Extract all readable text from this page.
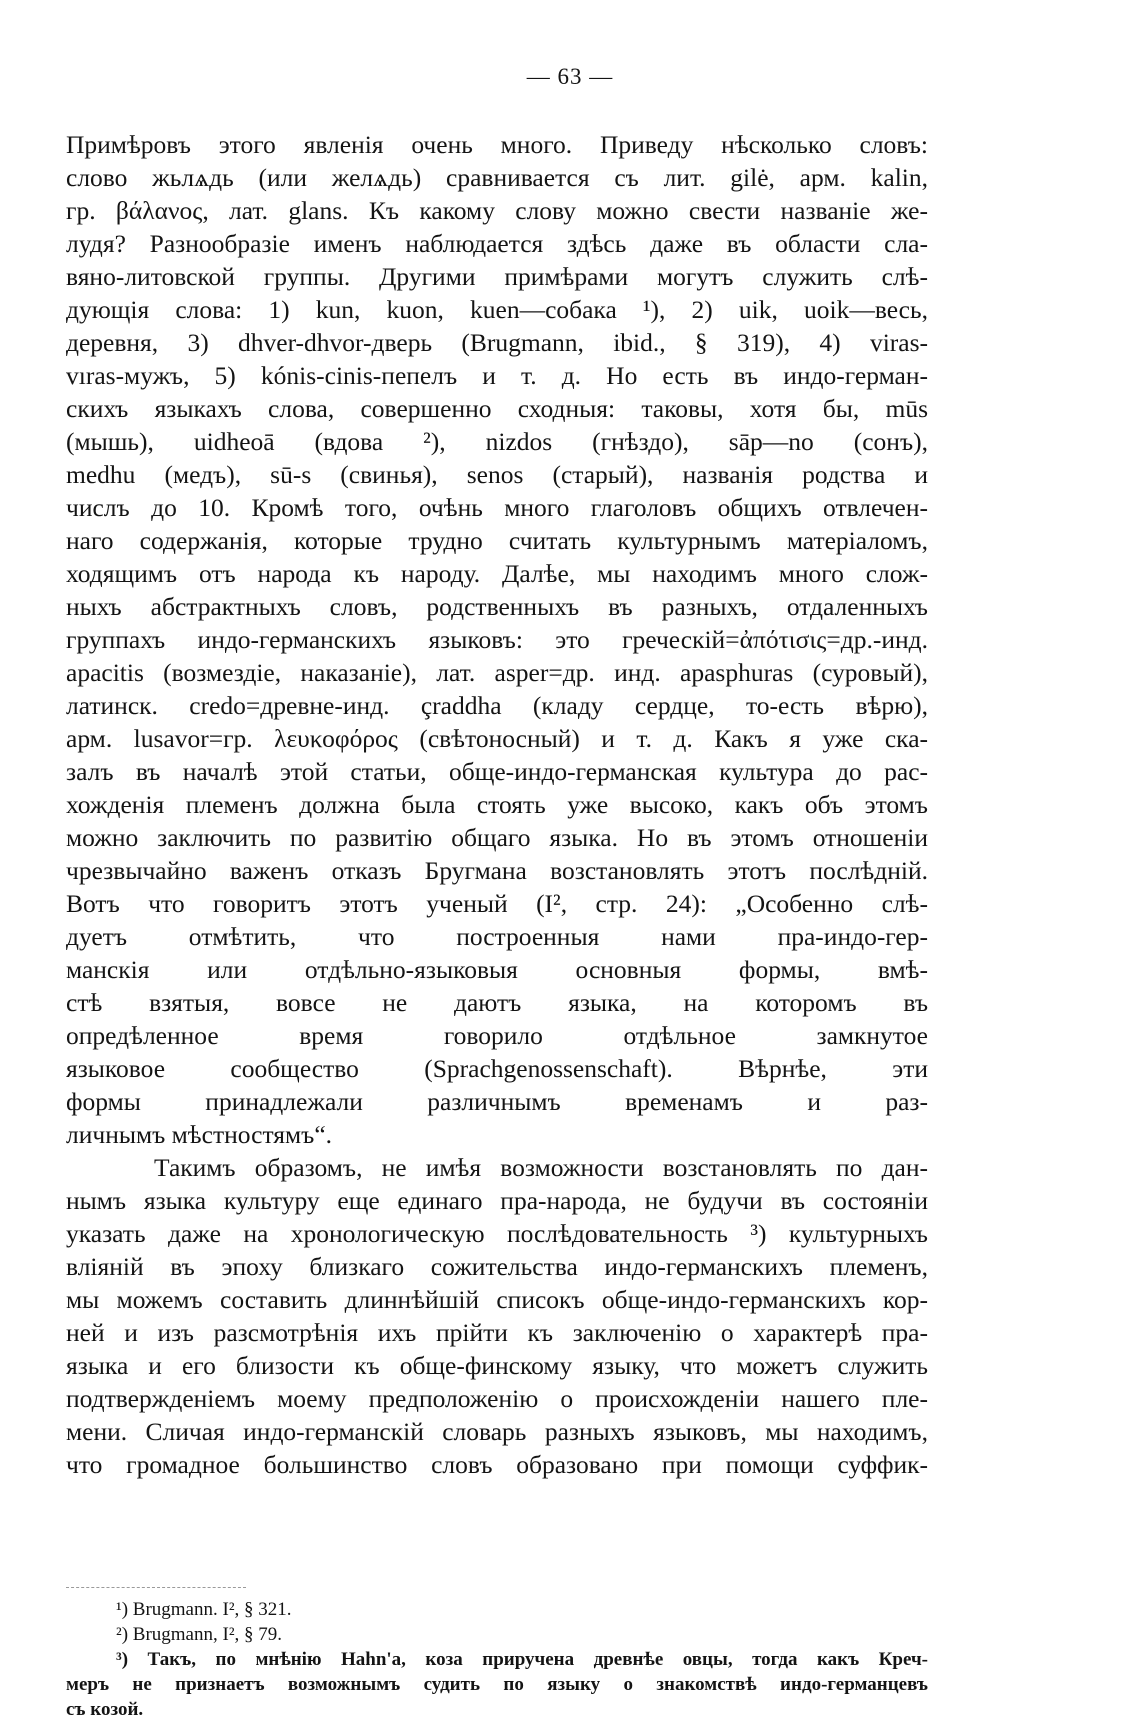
— 63 —
Примѣровъ этого явленія очень много. Приведу нѣсколько словъ:
слово жьлѧдь (или желѧдь) сравнивается съ лит. gilė, арм. kalin,
гр. βάλανος, лат. glans. Къ какому слову можно свести названіе же-
лудя? Разнообразіе именъ наблюдается здѣсь даже въ области сла-
вяно-литовской группы. Другими примѣрами могутъ служить слѣ-
дующія слова: 1) kun, kuon, kuen—собака ¹), 2) uik, uoik—весь,
деревня, 3) dhver-dhvor-дверь (Brugmann, ibid., § 319), 4) viras-
vıras-мужъ, 5) kónis-cinis-пепелъ и т. д. Но есть въ индо-герман-
скихъ языкахъ слова, совершенно сходныя: таковы, хотя бы, mūs
(мышь), uidheoā (вдова ²), nizdos (гнѣздо), sāp—no (сонъ),
medhu (медъ), sū-s (свинья), senos (старый), названія родства и
числъ до 10. Кромѣ того, очѣнь много глаголовъ общихъ отвлечен-
наго содержанія, которые трудно считать культурнымъ матеріаломъ,
ходящимъ отъ народа къ народу. Далѣе, мы находимъ много слож-
ныхъ абстрактныхъ словъ, родственныхъ въ разныхъ, отдаленныхъ
группахъ индо-германскихъ языковъ: это греческій=ἀπότισις=др.-инд.
apacitis (возмездіе, наказаніе), лат. asper=др. инд. apasphuras (суровый),
латинск. credo=древне-инд. çraddha (кладу сердце, то-есть вѣрю),
арм. lusavor=гр. λευκοφόρος (свѣтоносный) и т. д. Какъ я уже ска-
залъ въ началѣ этой статьи, обще-индо-германская культура до рас-
хожденія племенъ должна была стоять уже высоко, какъ объ этомъ
можно заключить по развитію общаго языка. Но въ этомъ отношеніи
чрезвычайно важенъ отказъ Бругмана возстановлять этотъ послѣдній.
Вотъ что говоритъ этотъ ученый (I², стр. 24): „Особенно слѣ-
дуетъ отмѣтить, что построенныя нами пра-индо-гер-
манскія или отдѣльно-языковыя основныя формы, вмѣ-
стѣ взятыя, вовсе не даютъ языка, на которомъ въ
опредѣленное время говорило отдѣльное замкнутое
языковое сообщество (Sprachgenossenschaft). Вѣрнѣе, эти
формы принадлежали различнымъ временамъ и раз-
личнымъ мѣстностямъ“.
Такимъ образомъ, не имѣя возможности возстановлять по дан-
нымъ языка культуру еще единаго пра-народа, не будучи въ состояніи
указать даже на хронологическую послѣдовательность ³) культурныхъ
вліяній въ эпоху близкаго сожительства индо-германскихъ племенъ,
мы можемъ составить длиннѣйшій списокъ обще-индо-германскихъ кор-
ней и изъ разсмотрѣнія ихъ прійти къ заключенію о характерѣ пра-
языка и его близости къ обще-финскому языку, что можетъ служить
подтвержденіемъ моему предположенію о происхожденіи нашего пле-
мени. Сличая индо-германскій словарь разныхъ языковъ, мы находимъ,
что громадное большинство словъ образовано при помощи суффик-
¹) Brugmann. I², § 321.
²) Brugmann, I², § 79.
³) Такъ, по мнѣнію Hahn'a, коза приручена древнѣе овцы, тогда какъ Креч-
меръ не признаетъ возможнымъ судить по языку о знакомствѣ индо-германцевъ
съ козой.
